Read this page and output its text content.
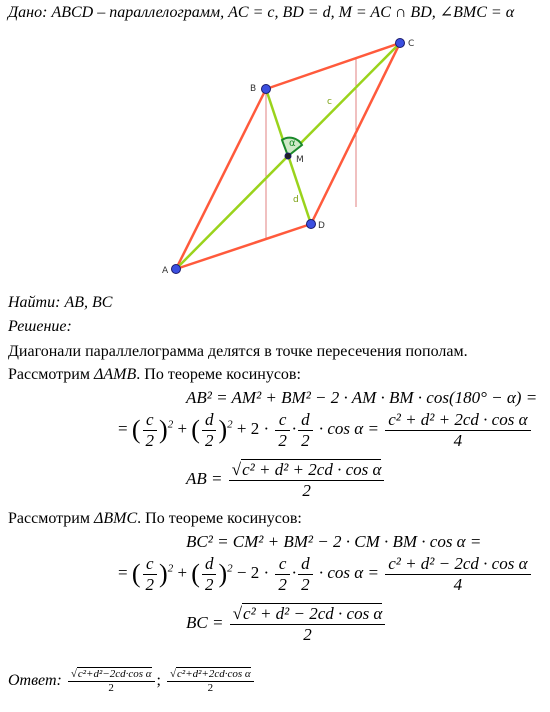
Дано: ABCD – параллелограмм, AC = c, BD = d, M = AC ∩ BD, ∠BMC = α
α
A
B
C
D
M
c
d
Найти: AB, BC
Решение:
Диагонали параллелограмма делятся в точке пересечения пополам.
Рассмотрим ΔAMB. По теореме косинусов:
AB² = AM² + BM² − 2 · AM · BM · cos(180° − α) =
= ( $\frac{c}{2} )^2$ + ( $\frac{d}{2} )^2 + 2 \cdot \frac{c}{2} \cdot \frac{d}{2} \cdot \cos \alpha = \frac{\text{c² + d² + 2cd · cos α}}{4}$
AB = $\frac{\text{√c² + d² + 2cd · cos α}}{2}$
Рассмотрим ΔBMC. По теореме косинусов:
BC² = CM² + BM² − 2 · CM · BM · cos α =
= ( $\frac{c}{2} )^2$ + ( $\frac{d}{2} )^2 - 2 \cdot \frac{c}{2} \cdot \frac{d}{2} \cdot \cos \alpha = \frac{\text{c² + d² − 2cd · cos α}}{4}$
BC = $\frac{\text{√c² + d² − 2cd · cos α}}{2}$
Ответ: $\frac{\text{√c²+d²−2cd·cos α}}{2}$ ; $\frac{\text{√c²+d²+2cd·cos α}}{2}$
